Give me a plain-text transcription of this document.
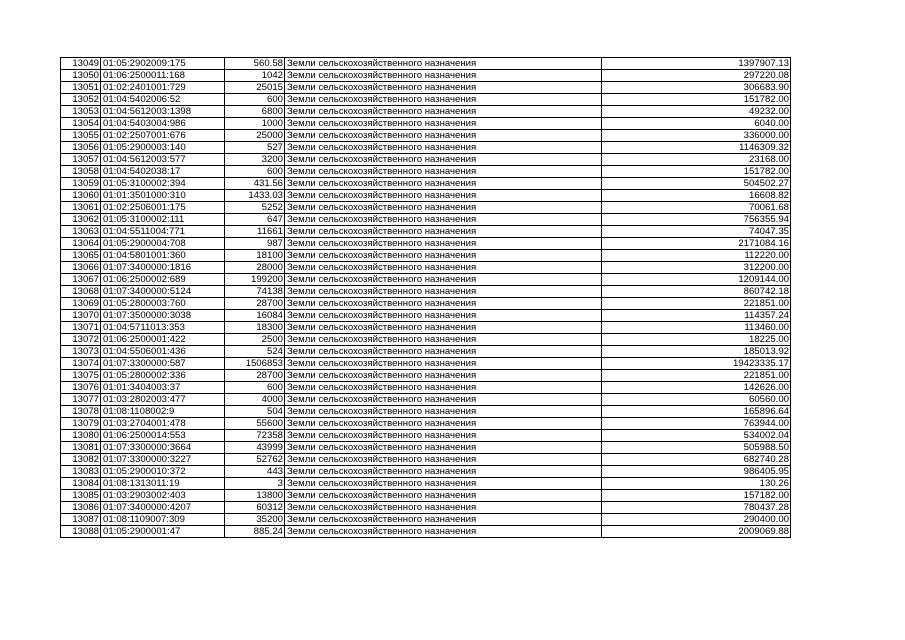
13049	01:05:2902009:175	560.58	Земли сельскохозяйственного назначения	1397907.13
13050	01:06:2500011:168	1042	Земли сельскохозяйственного назначения	297220.08
13051	01:02:2401001:729	25015	Земли сельскохозяйственного назначения	306683.90
13052	01:04:5402006:52	600	Земли сельскохозяйственного назначения	151782.00
13053	01:04:5612003:1398	6800	Земли сельскохозяйственного назначения	49232.00
13054	01:04:5403004:986	1000	Земли сельскохозяйственного назначения	6040.00
13055	01:02:2507001:676	25000	Земли сельскохозяйственного назначения	336000.00
13056	01:05:2900003:140	527	Земли сельскохозяйственного назначения	1146309.32
13057	01:04:5612003:577	3200	Земли сельскохозяйственного назначения	23168.00
13058	01:04:5402038:17	600	Земли сельскохозяйственного назначения	151782.00
13059	01:05:3100002:394	431.56	Земли сельскохозяйственного назначения	504502.27
13060	01:01:3501000:310	1433.03	Земли сельскохозяйственного назначения	16608.82
13061	01:02:2506001:175	5252	Земли сельскохозяйственного назначения	70061.68
13062	01:05:3100002:111	647	Земли сельскохозяйственного назначения	756355.94
13063	01:04:5511004:771	11661	Земли сельскохозяйственного назначения	74047.35
13064	01:05:2900004:708	987	Земли сельскохозяйственного назначения	2171084.16
13065	01:04:5801001:360	18100	Земли сельскохозяйственного назначения	112220.00
13066	01:07:3400000:1816	28000	Земли сельскохозяйственного назначения	312200.00
13067	01:06:2500002:689	199200	Земли сельскохозяйственного назначения	1209144.00
13068	01:07:3400000:5124	74138	Земли сельскохозяйственного назначения	860742.18
13069	01:05:2800003:760	28700	Земли сельскохозяйственного назначения	221851.00
13070	01:07:3500000:3038	16084	Земли сельскохозяйственного назначения	114357.24
13071	01:04:5711013:353	18300	Земли сельскохозяйственного назначения	113460.00
13072	01:06:2500001:422	2500	Земли сельскохозяйственного назначения	18225.00
13073	01:04:5506001:436	524	Земли сельскохозяйственного назначения	185013.92
13074	01:07:3300000:587	1506853	Земли сельскохозяйственного назначения	19423335.17
13075	01:05:2800002:336	28700	Земли сельскохозяйственного назначения	221851.00
13076	01:01:3404003:37	600	Земли сельскохозяйственного назначения	142626.00
13077	01:03:2802003:477	4000	Земли сельскохозяйственного назначения	60560.00
13078	01:08:1108002:9	504	Земли сельскохозяйственного назначения	165896.64
13079	01:03:2704001:478	55600	Земли сельскохозяйственного назначения	763944.00
13080	01:06:2500014:553	72358	Земли сельскохозяйственного назначения	534002.04
13081	01:07:3300000:3664	43999	Земли сельскохозяйственного назначения	505988.50
13082	01:07:3300000:3227	52762	Земли сельскохозяйственного назначения	682740.28
13083	01:05:2900010:372	443	Земли сельскохозяйственного назначения	986405.95
13084	01:08:1313011:19	3	Земли сельскохозяйственного назначения	130.26
13085	01:03:2903002:403	13800	Земли сельскохозяйственного назначения	157182.00
13086	01:07:3400000:4207	60312	Земли сельскохозяйственного назначения	780437.28
13087	01:08:1109007:309	35200	Земли сельскохозяйственного назначения	290400.00
13088	01:05:2900001:47	885.24	Земли сельскохозяйственного назначения	2009069.88
